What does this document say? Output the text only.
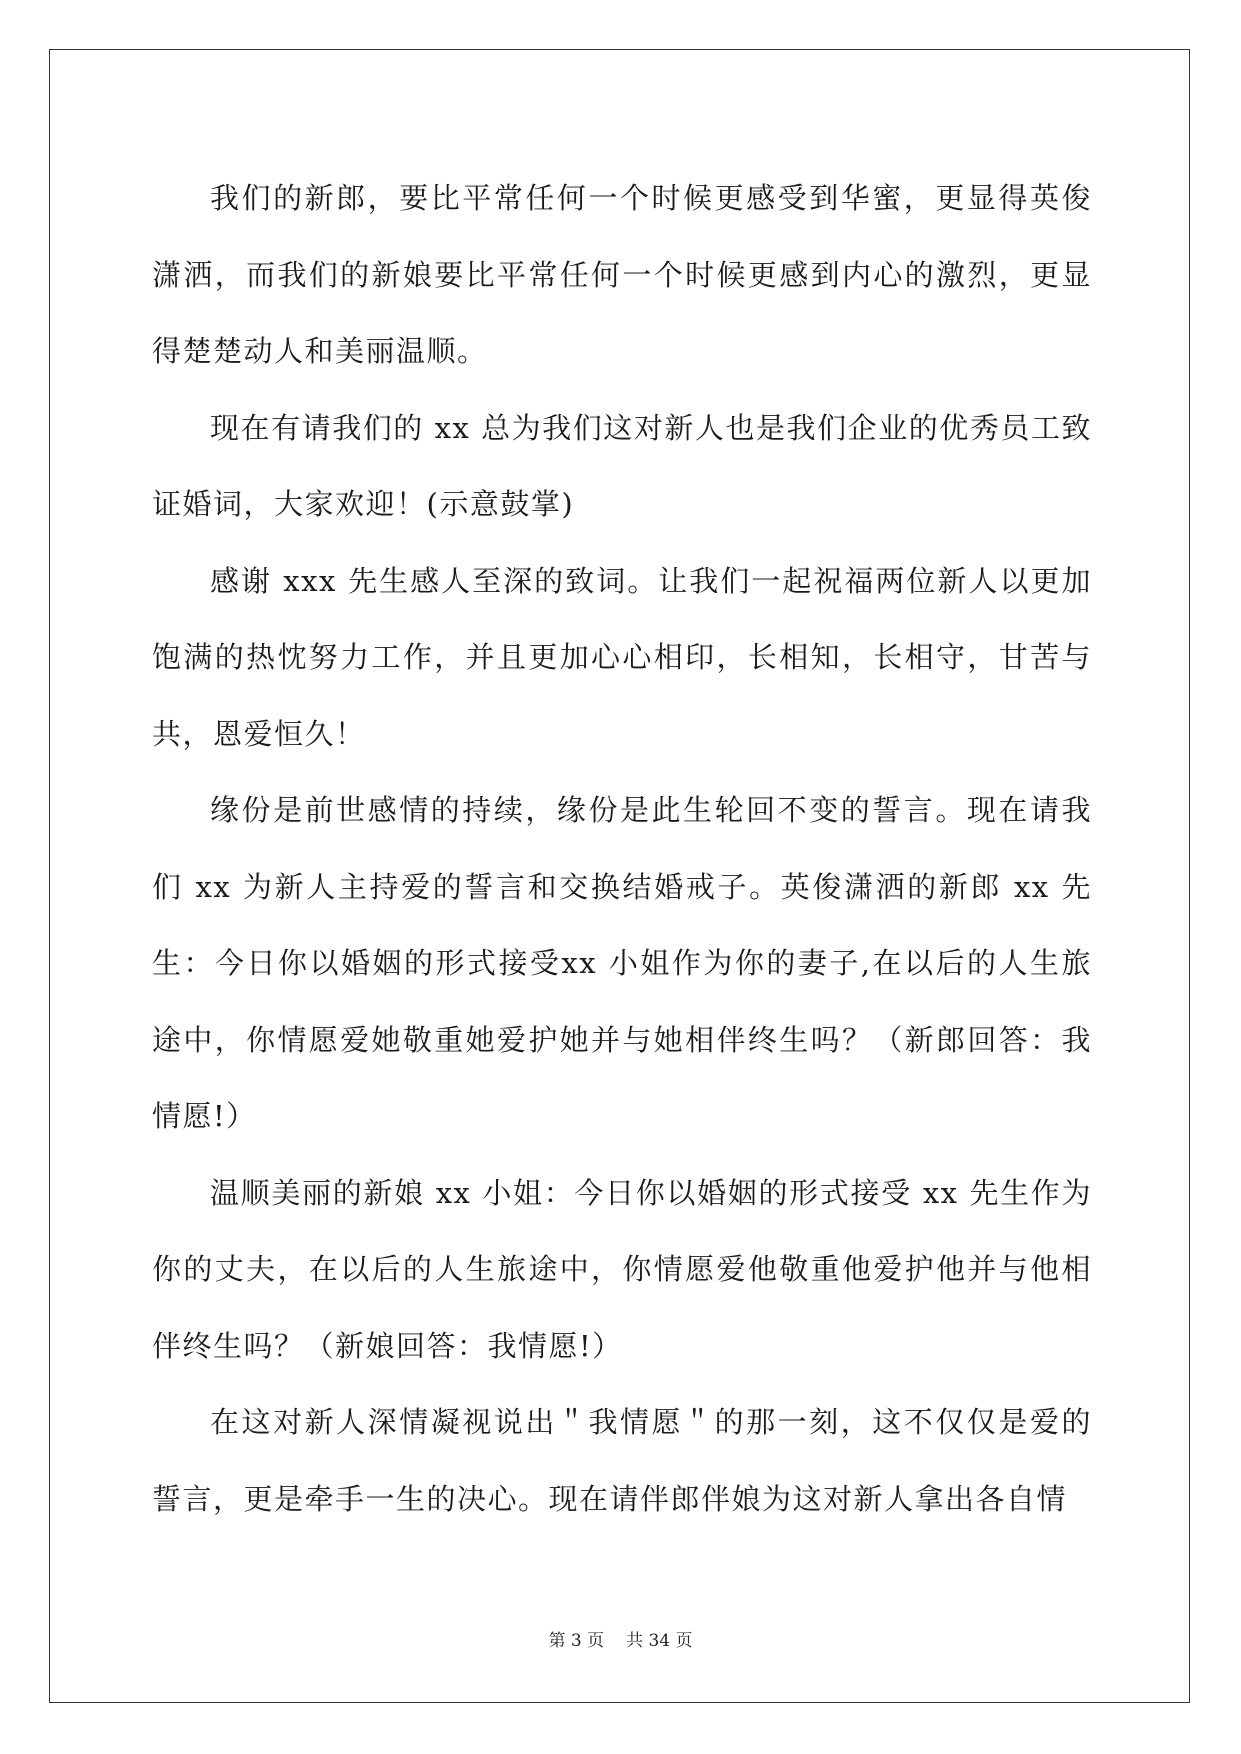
我们的新郎，要比平常任何一个时候更感受到华蜜，更显得英俊潇洒，而我们的新娘要比平常任何一个时候更感到内心的激烈，更显得楚楚动人和美丽温顺。

现在有请我们的 xx 总为我们这对新人也是我们企业的优秀员工致证婚词，大家欢迎！(示意鼓掌)

感谢 xxx 先生感人至深的致词。让我们一起祝福两位新人以更加饱满的热忱努力工作，并且更加心心相印，长相知，长相守，甘苦与共，恩爱恒久！

缘份是前世感情的持续，缘份是此生轮回不变的誓言。现在请我们 xx 为新人主持爱的誓言和交换结婚戒子。英俊潇洒的新郎 xx 先生：今日你以婚姻的形式接受xx 小姐作为你的妻子,在以后的人生旅途中，你情愿爱她敬重她爱护她并与她相伴终生吗？（新郎回答：我情愿!）

温顺美丽的新娘 xx 小姐：今日你以婚姻的形式接受 xx 先生作为你的丈夫，在以后的人生旅途中，你情愿爱他敬重他爱护他并与他相伴终生吗？（新娘回答：我情愿!）

在这对新人深情凝视说出＂我情愿＂的那一刻，这不仅仅是爱的誓言，更是牵手一生的决心。现在请伴郎伴娘为这对新人拿出各自情

第 3 页 共 34 页
